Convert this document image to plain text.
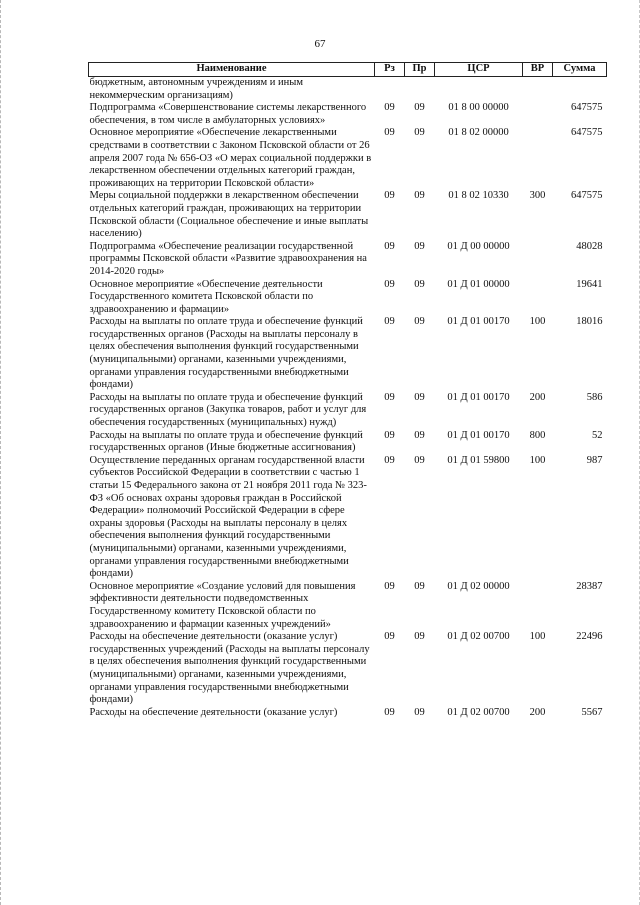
67
Наименование	Рз	Пр	ЦСР	ВР	Сумма
бюджетным, автономным учреждениям и иным некоммерческим организациям)					
Подпрограмма «Совершенствование системы лекарственного обеспечения, в том числе в амбулаторных условиях»	09	09	01 8 00 00000		647575
Основное мероприятие «Обеспечение лекарственными средствами в соответствии с Законом Псковской области от 26 апреля 2007 года № 656-ОЗ «О мерах социальной поддержки в лекарственном обеспечении отдельных категорий граждан, проживающих на территории Псковской области»	09	09	01 8 02 00000		647575
Меры социальной поддержки в лекарственном обеспечении отдельных категорий граждан, проживающих на территории Псковской области (Социальное обеспечение и иные выплаты населению)	09	09	01 8 02 10330	300	647575
Подпрограмма «Обеспечение реализации государственной программы Псковской области «Развитие здравоохранения на 2014-2020 годы»	09	09	01 Д 00 00000		48028
Основное мероприятие «Обеспечение деятельности Государственного комитета Псковской области по здравоохранению и фармации»	09	09	01 Д 01 00000		19641
Расходы на выплаты по оплате труда и обеспечение функций государственных органов (Расходы на выплаты персоналу в целях обеспечения выполнения функций государственными (муниципальными) органами, казенными учреждениями, органами управления государственными внебюджетными фондами)	09	09	01 Д 01 00170	100	18016
Расходы на выплаты по оплате труда и обеспечение функций государственных органов (Закупка товаров, работ и услуг для обеспечения государственных (муниципальных) нужд)	09	09	01 Д 01 00170	200	586
Расходы на выплаты по оплате труда и обеспечение функций государственных органов (Иные бюджетные ассигнования)	09	09	01 Д 01 00170	800	52
Осуществление переданных органам государственной власти субъектов Российской Федерации в соответствии с частью 1 статьи 15 Федерального закона от 21 ноября 2011 года № 323-ФЗ «Об основах охраны здоровья граждан в Российской Федерации» полномочий Российской Федерации в сфере охраны здоровья (Расходы на выплаты персоналу в целях обеспечения выполнения функций государственными (муниципальными) органами, казенными учреждениями, органами управления государственными внебюджетными фондами)	09	09	01 Д 01 59800	100	987
Основное мероприятие «Создание условий для повышения эффективности деятельности подведомственных Государственному комитету Псковской области по здравоохранению и фармации казенных учреждений»	09	09	01 Д 02 00000		28387
Расходы на обеспечение деятельности (оказание услуг) государственных учреждений (Расходы на выплаты персоналу в целях обеспечения выполнения функций государственными (муниципальными) органами, казенными учреждениями, органами управления государственными внебюджетными фондами)	09	09	01 Д 02 00700	100	22496
Расходы на обеспечение деятельности (оказание услуг)	09	09	01 Д 02 00700	200	5567
